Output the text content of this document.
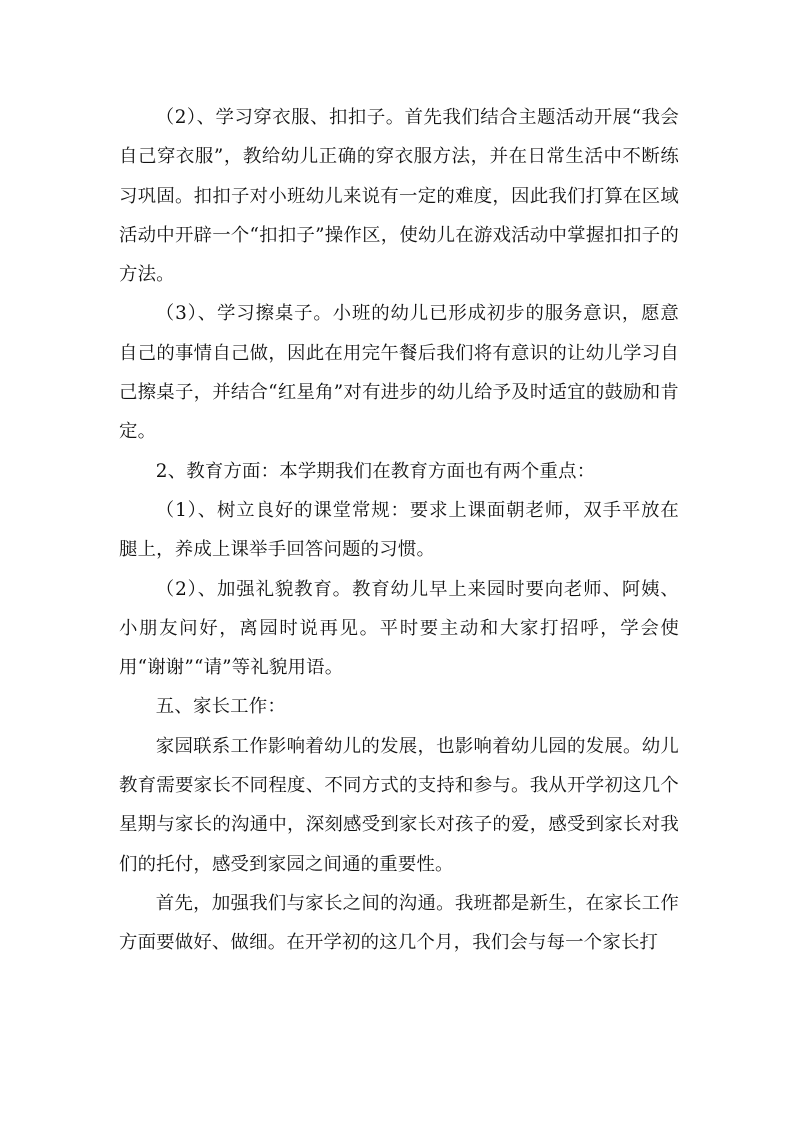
（2）、学习穿衣服、扣扣子。首先我们结合主题活动开展“我会自己穿衣服”，教给幼儿正确的穿衣服方法，并在日常生活中不断练习巩固。扣扣子对小班幼儿来说有一定的难度，因此我们打算在区域活动中开辟一个“扣扣子”操作区，使幼儿在游戏活动中掌握扣扣子的方法。

（3）、学习擦桌子。小班的幼儿已形成初步的服务意识，愿意自己的事情自己做，因此在用完午餐后我们将有意识的让幼儿学习自己擦桌子，并结合“红星角”对有进步的幼儿给予及时适宜的鼓励和肯定。

2、教育方面：本学期我们在教育方面也有两个重点：

（1）、树立良好的课堂常规：要求上课面朝老师，双手平放在腿上，养成上课举手回答问题的习惯。

（2）、加强礼貌教育。教育幼儿早上来园时要向老师、阿姨、小朋友问好，离园时说再见。平时要主动和大家打招呼，学会使用“谢谢”“请”等礼貌用语。

五、家长工作：

家园联系工作影响着幼儿的发展，也影响着幼儿园的发展。幼儿教育需要家长不同程度、不同方式的支持和参与。我从开学初这几个星期与家长的沟通中，深刻感受到家长对孩子的爱，感受到家长对我们的托付，感受到家园之间通的重要性。

首先，加强我们与家长之间的沟通。我班都是新生，在家长工作方面要做好、做细。在开学初的这几个月，我们会与每一个家长打
